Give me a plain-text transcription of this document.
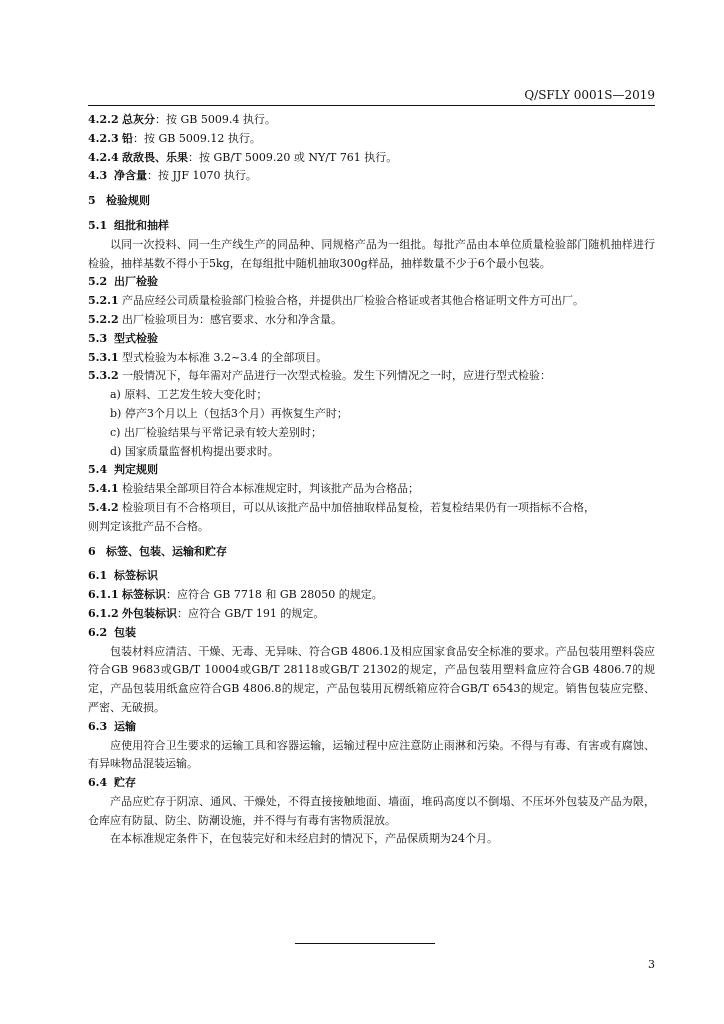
Q/SFLY 0001S—2019
4.2.2 总灰分 ：按 GB 5009.4 执行。
4.2.3 铅 ：按 GB 5009.12 执行。
4.2.4 敌敌畏、乐果 ：按 GB/T 5009.20 或 NY/T 761 执行。
4.3 净含量 ：按 JJF 1070 执行。
5 检验规则
5.1 组批和抽样
以同一次投料、同一生产线生产的同品种、同规格产品为一组批。每批产品由本单位质量检验部门随机抽样进行检验，抽样基数不得小于5kg，在每组批中随机抽取300g样品，抽样数量不少于6个最小包装。
5.2 出厂检验
5.2.1 产品应经公司质量检验部门检验合格，并提供出厂检验合格证或者其他合格证明文件方可出厂。
5.2.2 出厂检验项目为：感官要求、水分和净含量。
5.3 型式检验
5.3.1 型式检验为本标准 3.2~3.4 的全部项目。
5.3.2 一般情况下，每年需对产品进行一次型式检验。发生下列情况之一时，应进行型式检验：
a) 原料、工艺发生较大变化时；
b) 停产3个月以上（包括3个月）再恢复生产时；
c) 出厂检验结果与平常记录有较大差别时；
d) 国家质量监督机构提出要求时。
5.4 判定规则
5.4.1 检验结果全部项目符合本标准规定时，判该批产品为合格品；
5.4.2 检验项目有不合格项目，可以从该批产品中加倍抽取样品复检，若复检结果仍有一项指标不合格，
则判定该批产品不合格。
6 标签、包装、运输和贮存
6.1 标签标识
6.1.1 标签标识 ：应符合 GB 7718 和 GB 28050 的规定。
6.1.2 外包装标识 ：应符合 GB/T 191 的规定。
6.2 包装
包装材料应清洁、干燥、无毒、无异味、符合GB 4806.1及相应国家食品安全标准的要求。产品包装用塑料袋应符合GB 9683或GB/T 10004或GB/T 28118或GB/T 21302的规定，产品包装用塑料盒应符合GB 4806.7的规定，产品包装用纸盒应符合GB 4806.8的规定，产品包装用瓦楞纸箱应符合GB/T 6543的规定。销售包装应完整、严密、无破损。
6.3 运输
应使用符合卫生要求的运输工具和容器运输，运输过程中应注意防止雨淋和污染。不得与有毒、有害或有腐蚀、有异味物品混装运输。
6.4 贮存
产品应贮存于阴凉、通风、干燥处，不得直接接触地面、墙面，堆码高度以不倒塌、不压坏外包装及产品为限，仓库应有防鼠、防尘、防潮设施，并不得与有毒有害物质混放。
在本标准规定条件下，在包装完好和未经启封的情况下，产品保质期为24个月。
3
